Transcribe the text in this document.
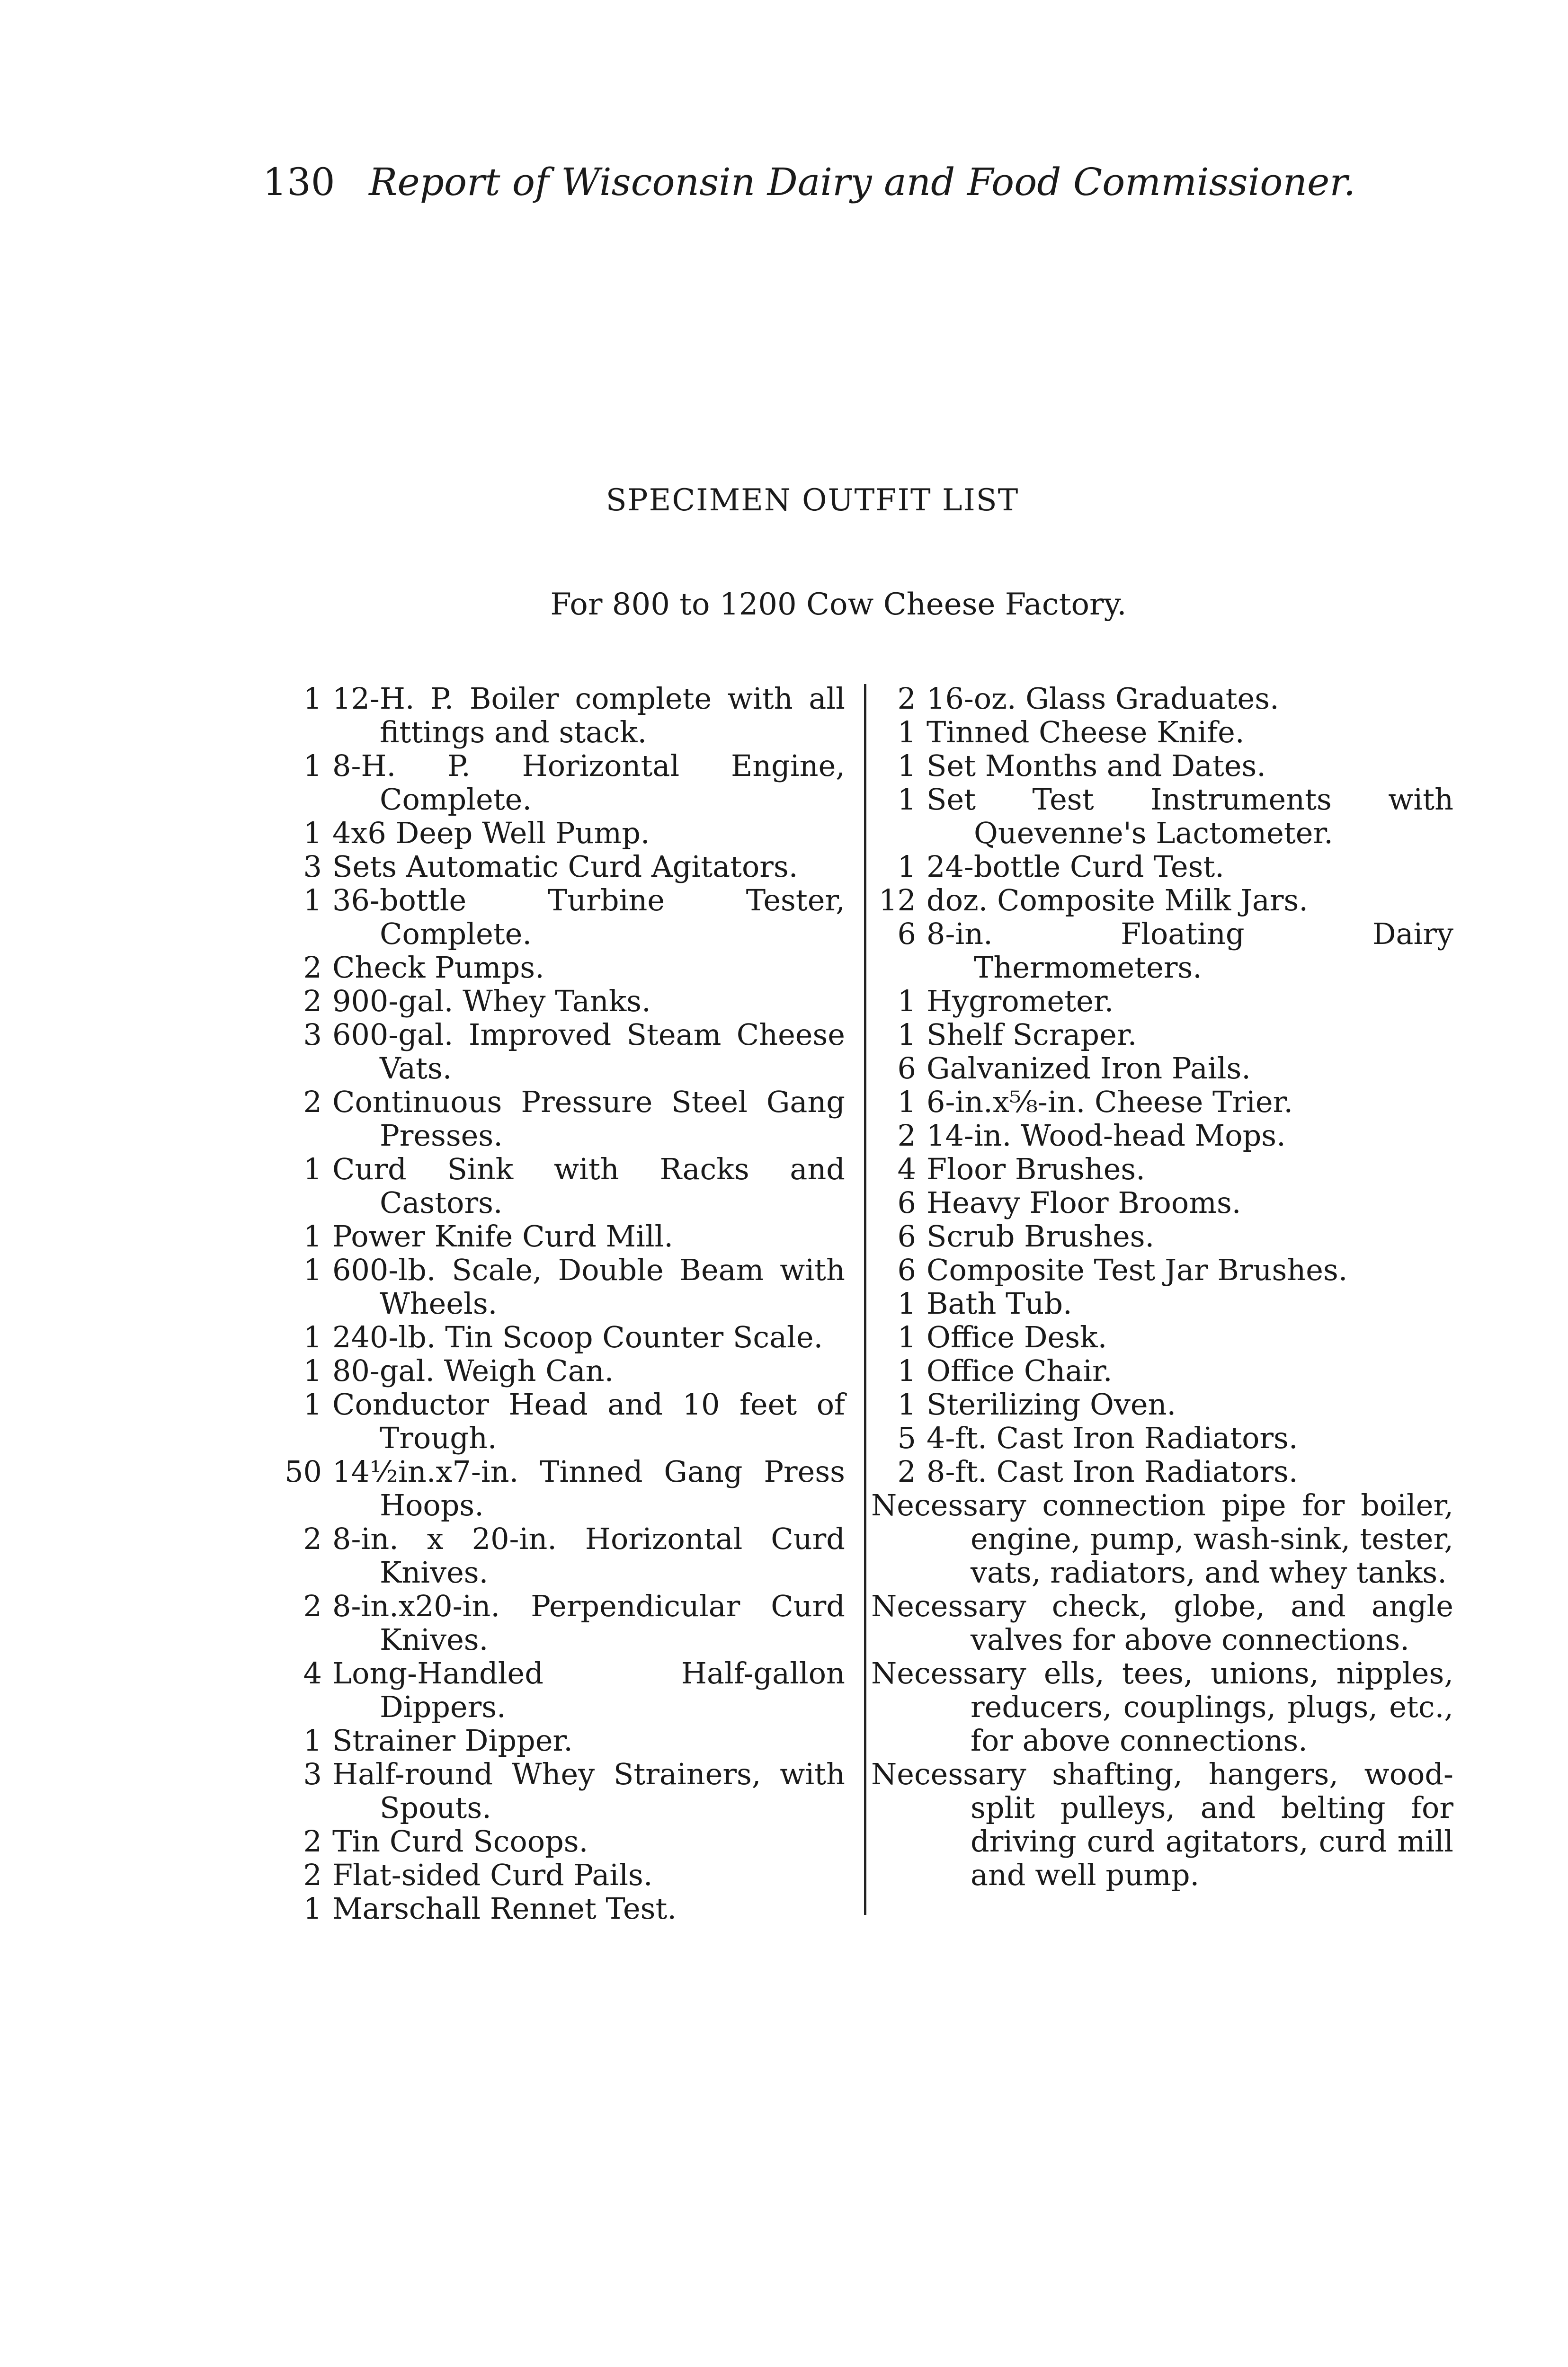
130 Report of Wisconsin Dairy and Food Commissioner.
SPECIMEN OUTFIT LIST
For 800 to 1200 Cow Cheese Factory.
1 12-H. P. Boiler complete with all fittings and stack.
1 8-H. P. Horizontal Engine, Complete.
1 4x6 Deep Well Pump.
3 Sets Automatic Curd Agitators.
1 36-bottle Turbine Tester, Complete.
2 Check Pumps.
2 900-gal. Whey Tanks.
3 600-gal. Improved Steam Cheese Vats.
2 Continuous Pressure Steel Gang Presses.
1 Curd Sink with Racks and Castors.
1 Power Knife Curd Mill.
1 600-lb. Scale, Double Beam with Wheels.
1 240-lb. Tin Scoop Counter Scale.
1 80-gal. Weigh Can.
1 Conductor Head and 10 feet of Trough.
50 14½in.x7-in. Tinned Gang Press Hoops.
2 8-in. x 20-in. Horizontal Curd Knives.
2 8-in.x20-in. Perpendicular Curd Knives.
4 Long-Handled Half-gallon Dippers.
1 Strainer Dipper.
3 Half-round Whey Strainers, with Spouts.
2 Tin Curd Scoops.
2 Flat-sided Curd Pails.
1 Marschall Rennet Test.
2 16-oz. Glass Graduates.
1 Tinned Cheese Knife.
1 Set Months and Dates.
1 Set Test Instruments with Quevenne's Lactometer.
1 24-bottle Curd Test.
12 doz. Composite Milk Jars.
6 8-in. Floating Dairy Thermometers.
1 Hygrometer.
1 Shelf Scraper.
6 Galvanized Iron Pails.
1 6-in.x⅝-in. Cheese Trier.
2 14-in. Wood-head Mops.
4 Floor Brushes.
6 Heavy Floor Brooms.
6 Scrub Brushes.
6 Composite Test Jar Brushes.
1 Bath Tub.
1 Office Desk.
1 Office Chair.
1 Sterilizing Oven.
5 4-ft. Cast Iron Radiators.
2 8-ft. Cast Iron Radiators.

Necessary connection pipe for boiler, engine, pump, wash-sink, tester, vats, radiators, and whey tanks.

Necessary check, globe, and angle valves for above connections.

Necessary ells, tees, unions, nipples, reducers, couplings, plugs, etc., for above connections.

Necessary shafting, hangers, wood-split pulleys, and belting for driving curd agitators, curd mill and well pump.
